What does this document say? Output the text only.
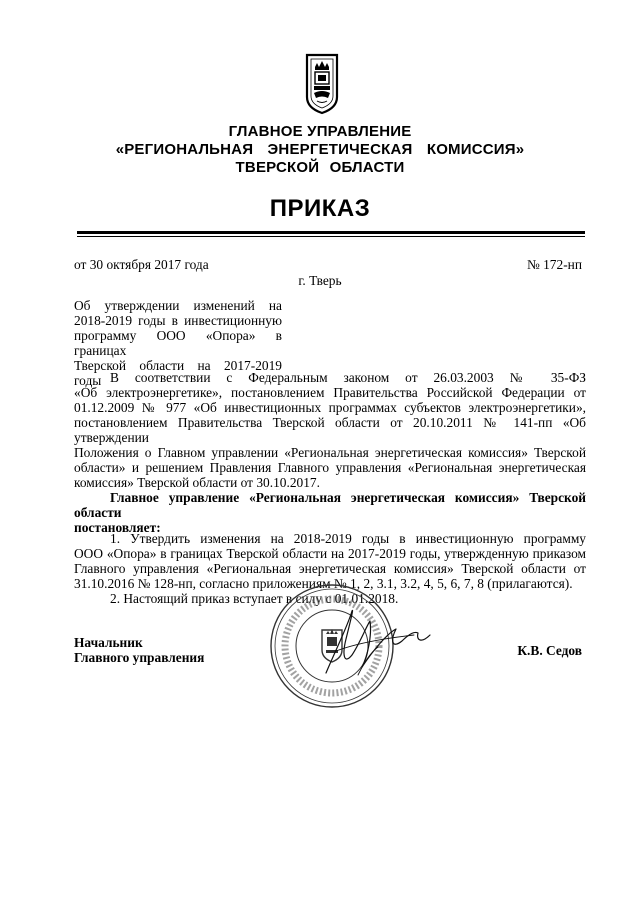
ГЛАВНОЕ УПРАВЛЕНИЕ
«РЕГИОНАЛЬНАЯ ЭНЕРГЕТИЧЕСКАЯ КОМИССИЯ»
ТВЕРСКОЙ ОБЛАСТИ
ПРИКАЗ
от 30 октября 2017 года	№ 172-нп
г. Тверь
Об утверждении изменений на
2018-2019 годы в инвестиционную
программу ООО «Опора» в границах
Тверской области на 2017-2019 годы В соответствии с Федеральным законом от 26.03.2003 № 35-ФЗ
«Об электроэнергетике», постановлением Правительства Российской Федерации от
01.12.2009 № 977 «Об инвестиционных программах субъектов электроэнергетики»,
постановлением Правительства Тверской области от 20.10.2011 № 141-пп «Об утверждении
Положения о Главном управлении «Региональная энергетическая комиссия» Тверской
области» и решением Правления Главного управления «Региональная энергетическая
комиссия» Тверской области от 30.10.2017.
Главное управление «Региональная энергетическая комиссия» Тверской области
постановляет:
1. Утвердить изменения на 2018-2019 годы в инвестиционную программу
ООО «Опора» в границах Тверской области на 2017-2019 годы, утвержденную приказом
Главного управления «Региональная энергетическая комиссия» Тверской области от
31.10.2016 № 128-нп, согласно приложениям № 1, 2, 3.1, 3.2, 4, 5, 6, 7, 8 (прилагаются).
2. Настоящий приказ вступает в силу с 01.01.2018.
Начальник
Главного управления	К.В. Седов
